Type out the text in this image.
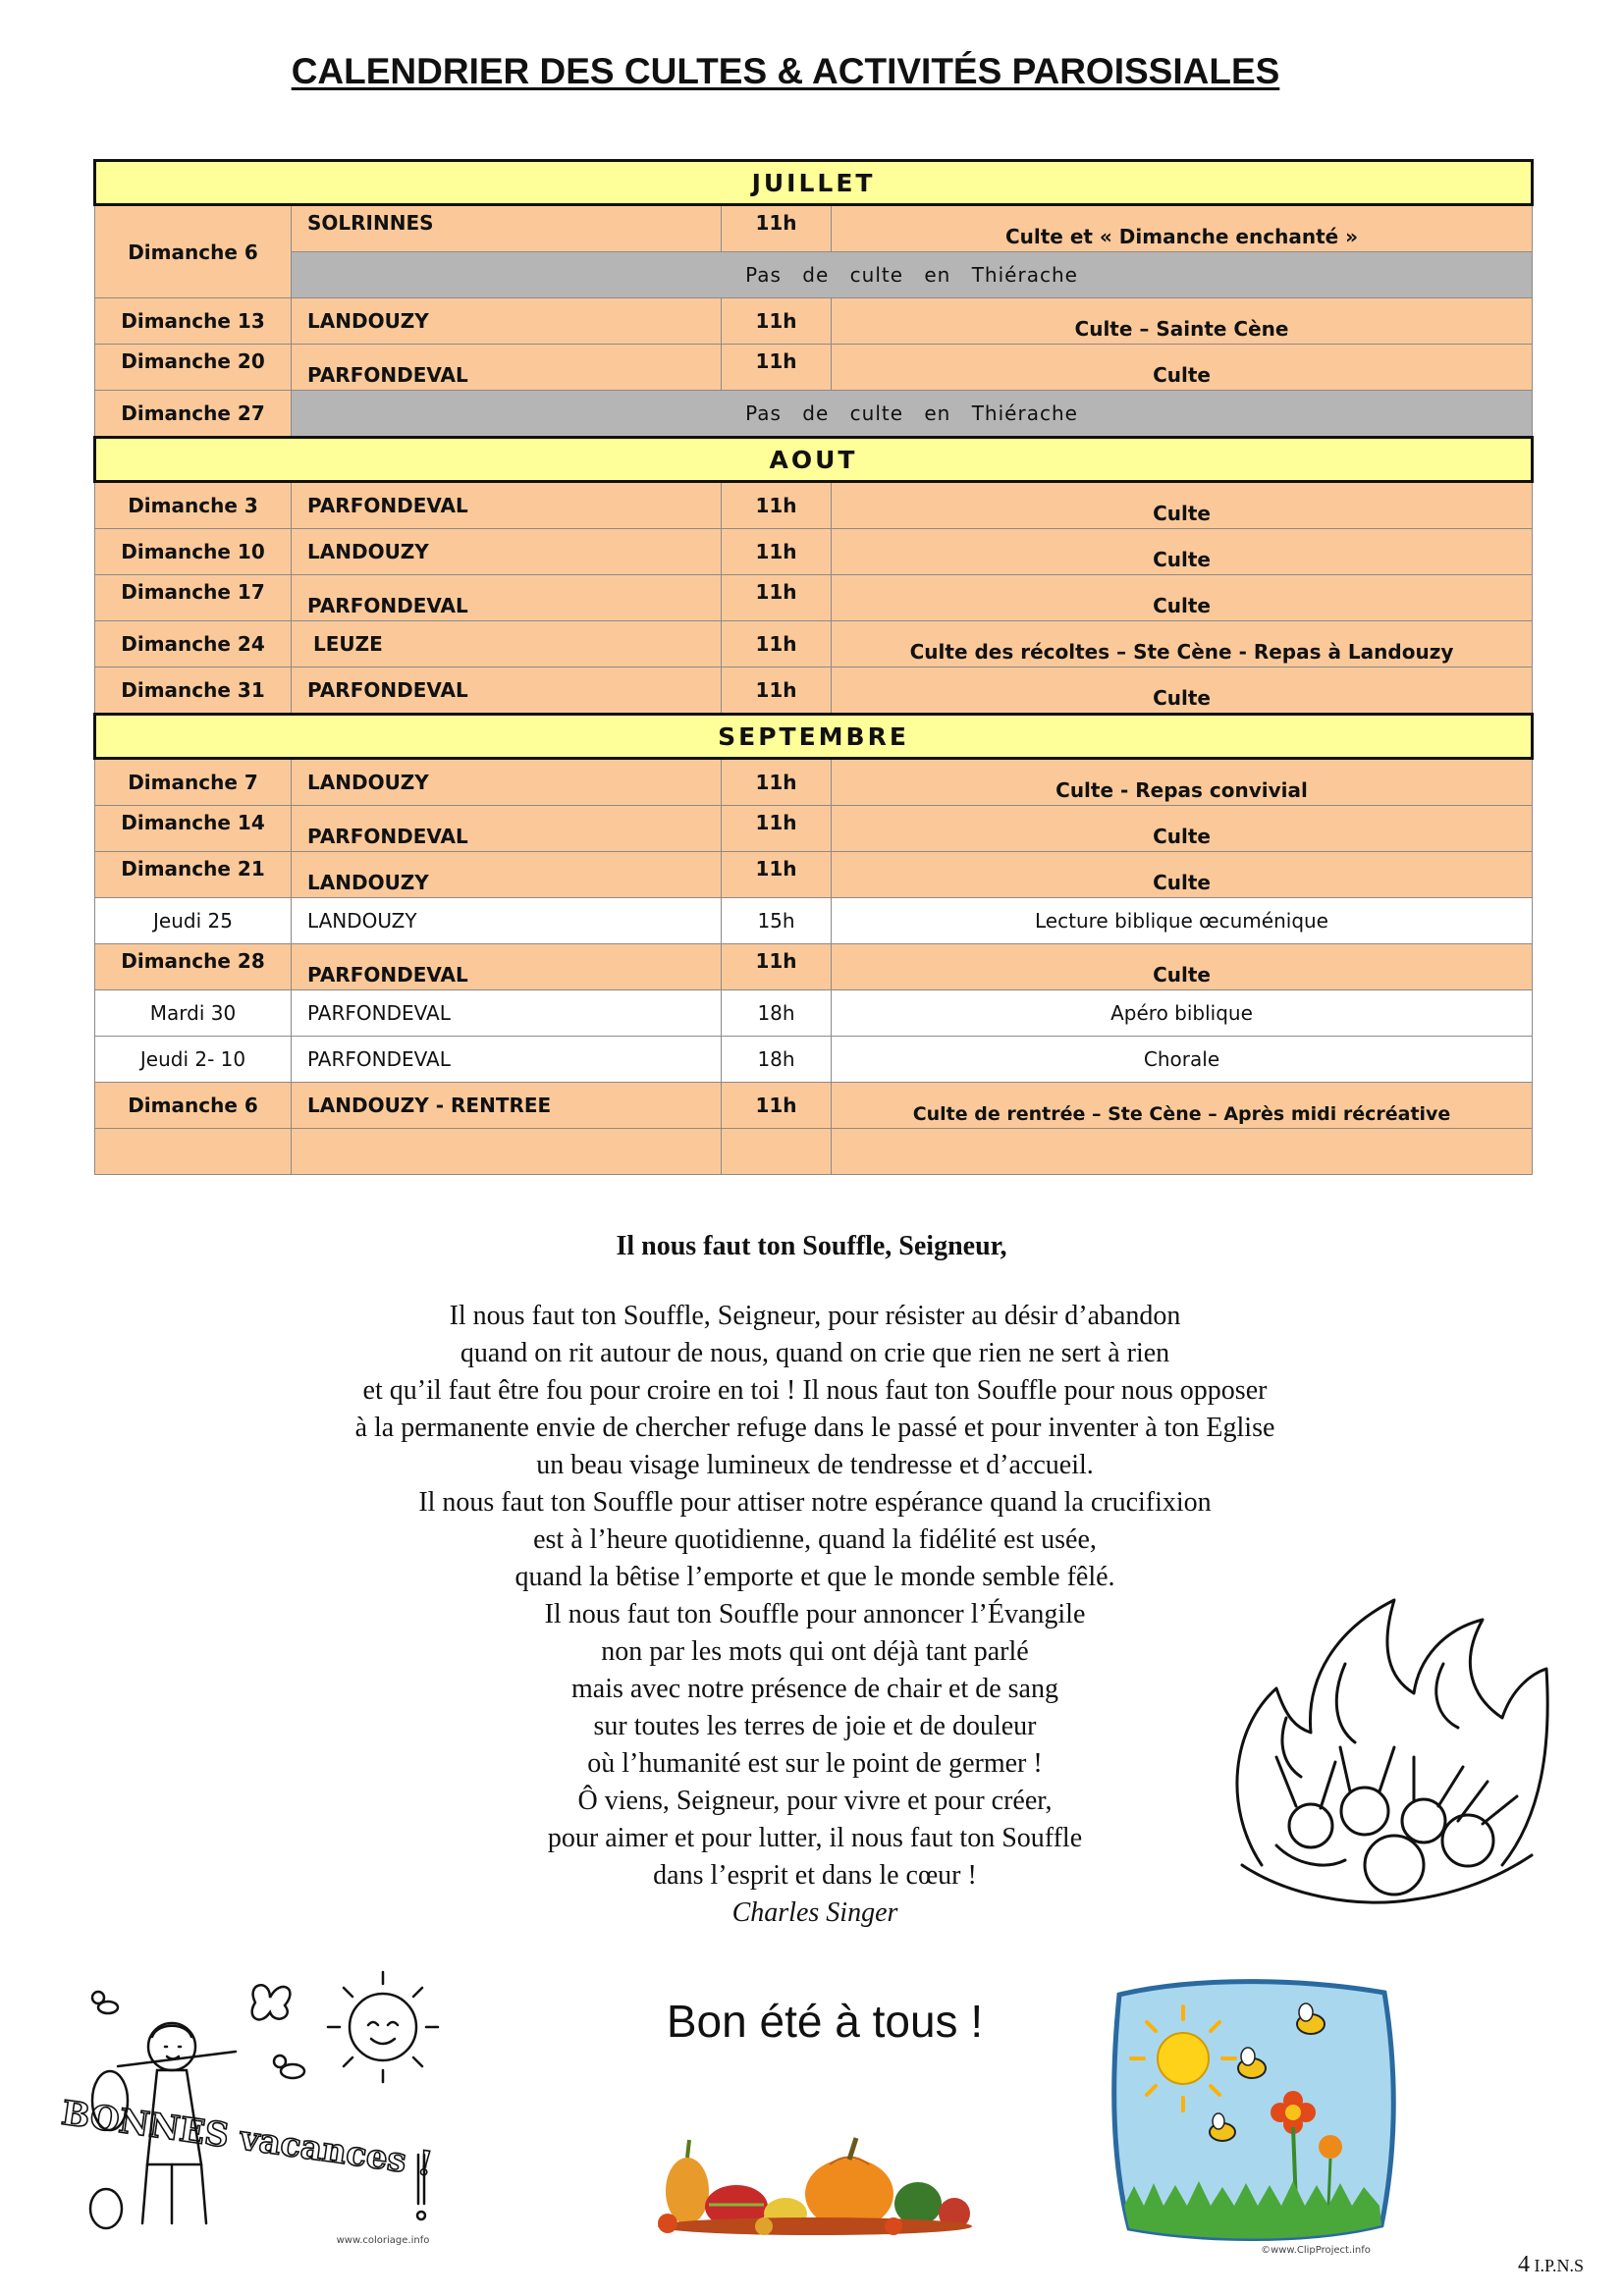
CALENDRIER DES CULTES & ACTIVITÉS PAROISSIALES
JUILLET			
Dimanche 6	SOLRINNES	11h	Culte et « Dimanche enchanté »
	Pas de culte en Thiérache		
Dimanche 13	LANDOUZY	11h	Culte – Sainte Cène
Dimanche 20	PARFONDEVAL	11h	Culte
Dimanche 27	Pas de culte en Thiérache		
AOUT			
Dimanche 3	PARFONDEVAL	11h	Culte
Dimanche 10	LANDOUZY	11h	Culte
Dimanche 17	PARFONDEVAL	11h	Culte
Dimanche 24	LEUZE	11h	Culte des récoltes – Ste Cène - Repas à Landouzy
Dimanche 31	PARFONDEVAL	11h	Culte
SEPTEMBRE			
Dimanche 7	LANDOUZY	11h	Culte - Repas convivial
Dimanche 14	PARFONDEVAL	11h	Culte
Dimanche 21	LANDOUZY	11h	Culte
Jeudi 25	LANDOUZY	15h	Lecture biblique œcuménique
Dimanche 28	PARFONDEVAL	11h	Culte
Mardi 30	PARFONDEVAL	18h	Apéro biblique
Jeudi 2- 10	PARFONDEVAL	18h	Chorale
Dimanche 6	LANDOUZY - RENTREE	11h	Culte de rentrée – Ste Cène – Après midi récréative

Il nous faut ton Souffle, Seigneur,
Il nous faut ton Souffle, Seigneur, pour résister au désir d’abandon
quand on rit autour de nous, quand on crie que rien ne sert à rien
et qu’il faut être fou pour croire en toi ! Il nous faut ton Souffle pour nous opposer
à la permanente envie de chercher refuge dans le passé et pour inventer à ton Eglise
un beau visage lumineux de tendresse et d’accueil.
Il nous faut ton Souffle pour attiser notre espérance quand la crucifixion
est à l’heure quotidienne, quand la fidélité est usée,
quand la bêtise l’emporte et que le monde semble fêlé.
Il nous faut ton Souffle pour annoncer l’Évangile
non par les mots qui ont déjà tant parlé
mais avec notre présence de chair et de sang
sur toutes les terres de joie et de douleur
où l’humanité est sur le point de germer !
Ô viens, Seigneur, pour vivre et pour créer,
pour aimer et pour lutter, il nous faut ton Souffle
dans l’esprit et dans le cœur !
Charles Singer
BONNES vacances !
www.coloriage.info
Bon été à tous !
©www.ClipProject.info
4 I.P.N.S
